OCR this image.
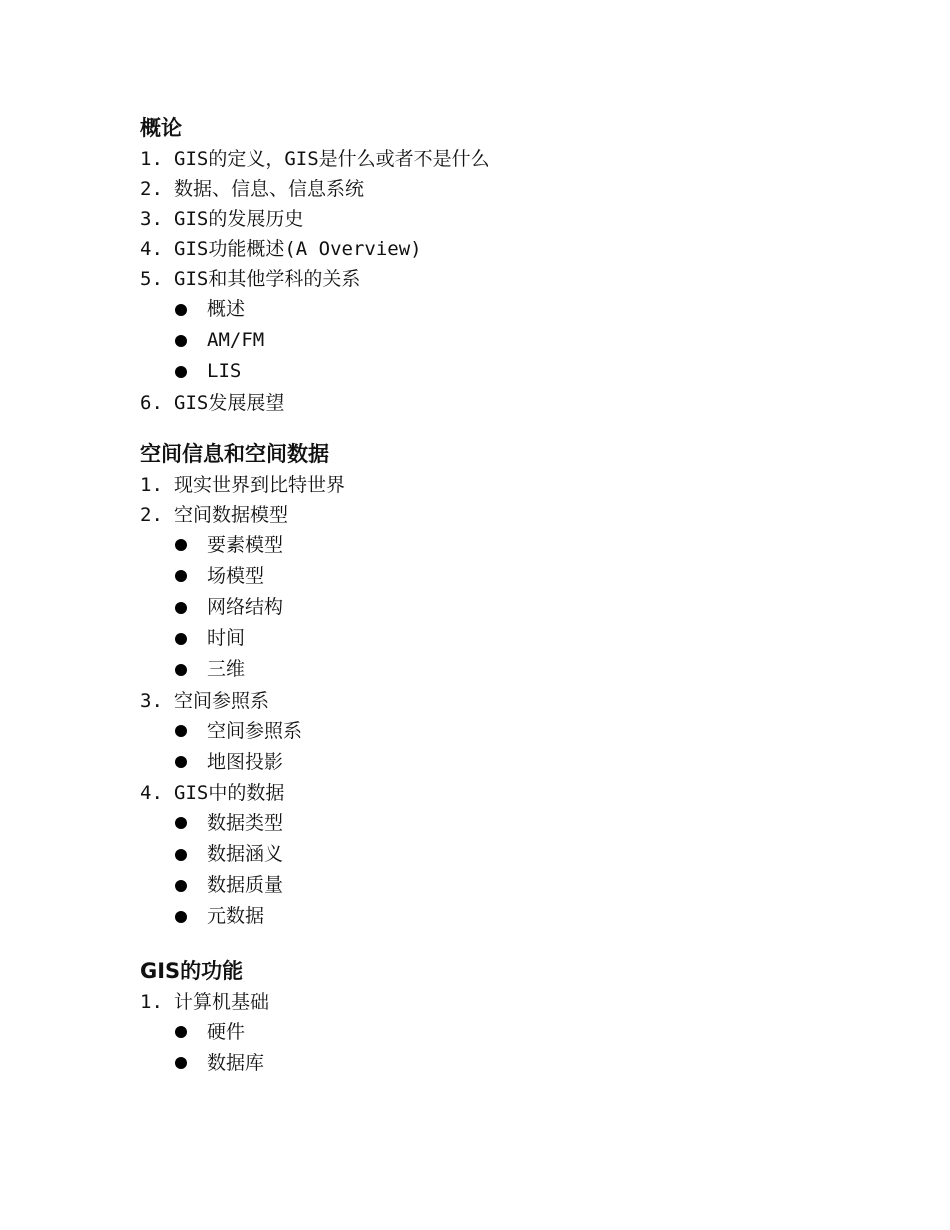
概论
1. GIS的定义，GIS是什么或者不是什么
2. 数据、信息、信息系统
3. GIS的发展历史
4. GIS功能概述(A Overview)
5. GIS和其他学科的关系
概述
AM/FM
LIS
6. GIS发展展望
空间信息和空间数据
1. 现实世界到比特世界
2. 空间数据模型
要素模型
场模型
网络结构
时间
三维
3. 空间参照系
空间参照系
地图投影
4. GIS中的数据
数据类型
数据涵义
数据质量
元数据
GIS的功能
1. 计算机基础
硬件
数据库
